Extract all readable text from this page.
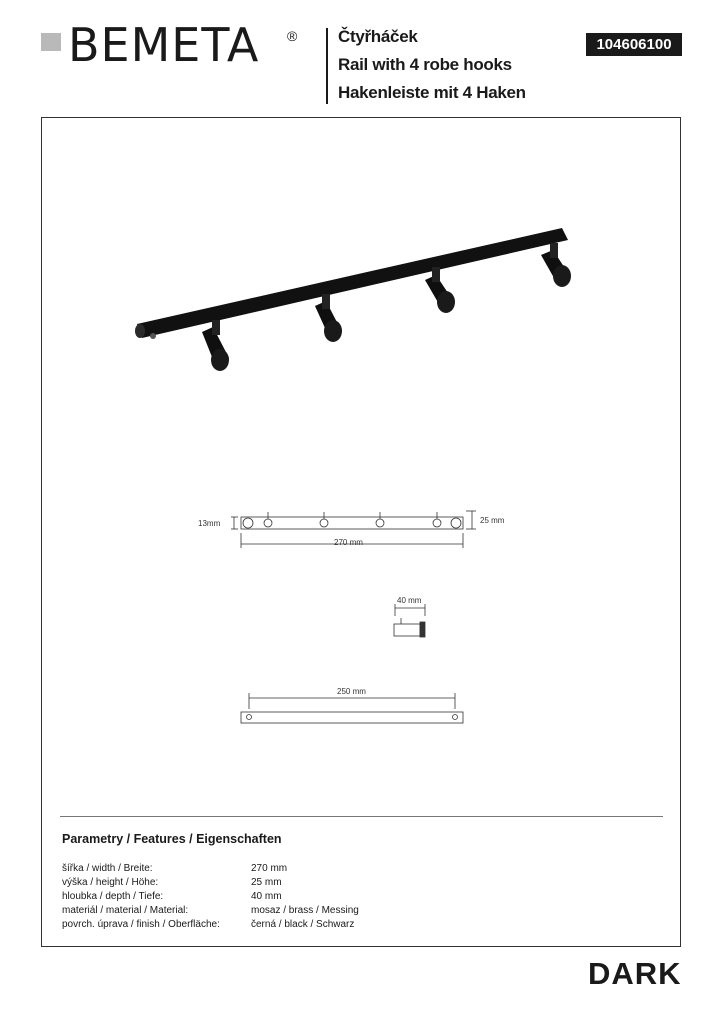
BEMETA ® Čtyřháček
Rail with 4 robe hooks
Hakenleiste mit 4 Haken
104606100
13mm	25 mm
270 mm
40 mm
250 mm
Parametry / Features / Eigenschaften
šířka / width / Breite:	270 mm
výška / height / Höhe:	25 mm
hloubka / depth / Tiefe:	40 mm
materiál / material / Material:	mosaz / brass / Messing
povrch. úprava / finish / Oberfläche:	černá / black / Schwarz
DARK
